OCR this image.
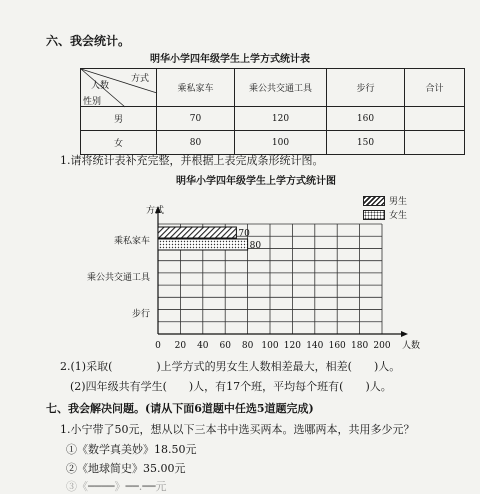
六、我会统计。
明华小学四年级学生上学方式统计表
方式
人数
性别	乘私家车	乘公共交通工具	步行	合计
男	70	120	160	
女	80	100	150	
1.请将统计表补充完整，并根据上表完成条形统计图。
明华小学四年级学生上学方式统计图
男生
女生
0 20 40 60 80 100 120 140 160 180 200 人数
方式
乘私家车
70
80
乘公共交通工具
步行
2.(1)采取(　　　　)上学方式的男女生人数相差最大，相差(　　)人。
(2)四年级共有学生(　　)人，有17个班，平均每个班有(　　)人。
七、我会解决问题。(请从下面6道题中任选5道题完成)
1.小宁带了50元，想从以下三本书中选买两本。选哪两本，共用多少元？
①《数学真美妙》18.50元
②《地球简史》35.00元
③《━━━━》━━.━━元
